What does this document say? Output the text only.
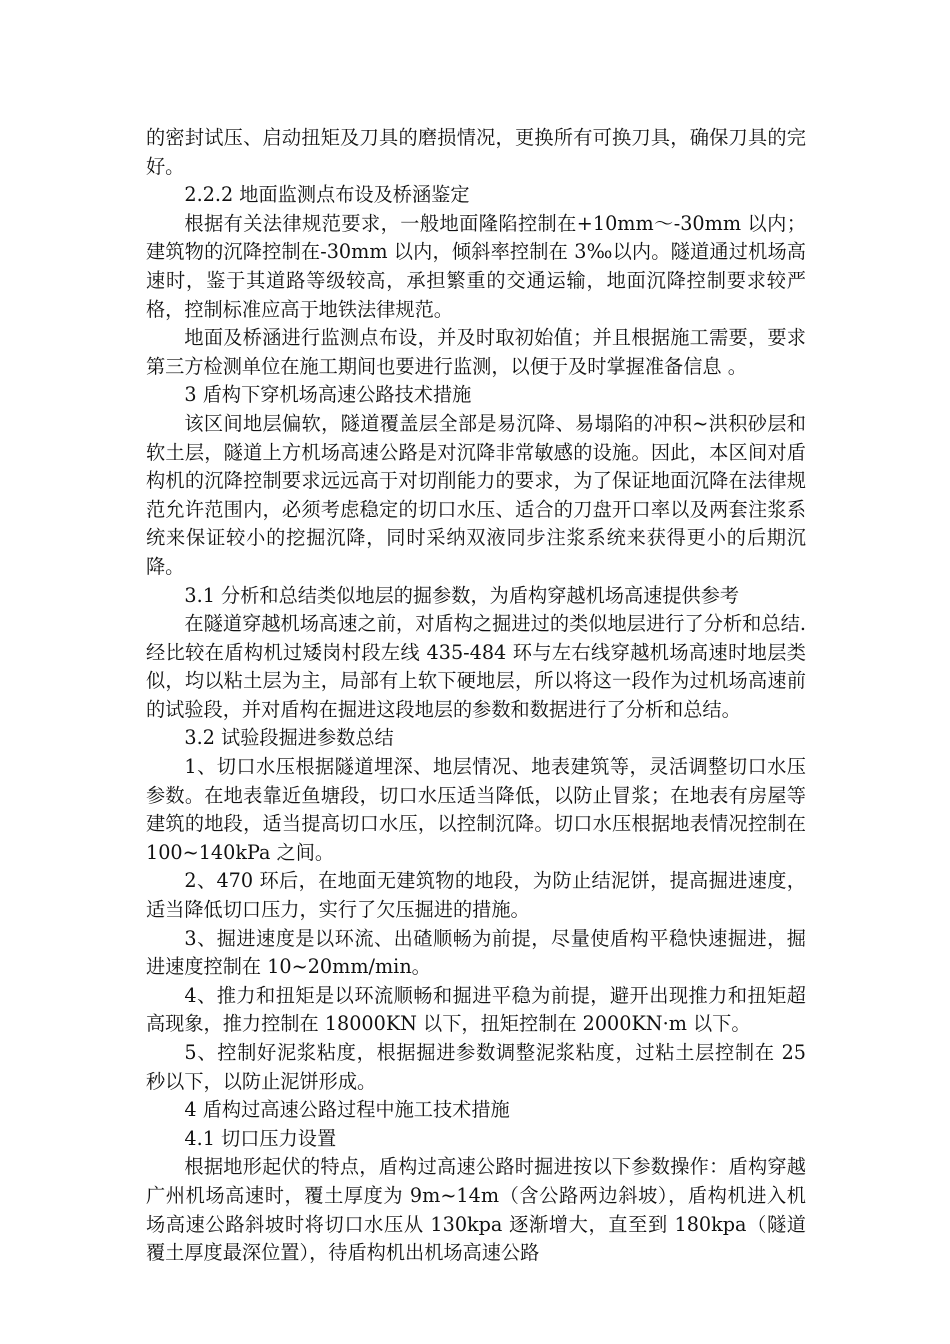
的密封试压、启动扭矩及刀具的磨损情况，更换所有可换刀具，确保刀具的完好。

2.2.2 地面监测点布设及桥涵鉴定

根据有关法律规范要求，一般地面隆陷控制在+10mm～-30mm 以内；建筑物的沉降控制在-30mm 以内，倾斜率控制在 3‰以内。隧道通过机场高速时，鉴于其道路等级较高，承担繁重的交通运输，地面沉降控制要求较严格，控制标准应高于地铁法律规范。

地面及桥涵进行监测点布设，并及时取初始值；并且根据施工需要，要求第三方检测单位在施工期间也要进行监测，以便于及时掌握准备信息 。

3 盾构下穿机场高速公路技术措施

该区间地层偏软，隧道覆盖层全部是易沉降、易塌陷的冲积~洪积砂层和软土层，隧道上方机场高速公路是对沉降非常敏感的设施。因此，本区间对盾构机的沉降控制要求远远高于对切削能力的要求，为了保证地面沉降在法律规范允许范围内，必须考虑稳定的切口水压、适合的刀盘开口率以及两套注浆系统来保证较小的挖掘沉降，同时采纳双液同步注浆系统来获得更小的后期沉降。

3.1 分析和总结类似地层的掘参数，为盾构穿越机场高速提供参考

在隧道穿越机场高速之前，对盾构之掘进过的类似地层进行了分析和总结.经比较在盾构机过矮岗村段左线 435-484 环与左右线穿越机场高速时地层类似，均以粘土层为主，局部有上软下硬地层，所以将这一段作为过机场高速前的试验段，并对盾构在掘进这段地层的参数和数据进行了分析和总结。

3.2 试验段掘进参数总结

1、切口水压根据隧道埋深、地层情况、地表建筑等，灵活调整切口水压参数。在地表靠近鱼塘段，切口水压适当降低，以防止冒浆；在地表有房屋等建筑的地段，适当提高切口水压，以控制沉降。切口水压根据地表情况控制在 100~140kPa 之间。

2、470 环后，在地面无建筑物的地段，为防止结泥饼，提高掘进速度，适当降低切口压力，实行了欠压掘进的措施。

3、掘进速度是以环流、出碴顺畅为前提，尽量使盾构平稳快速掘进，掘进速度控制在 10~20mm/min。

4、推力和扭矩是以环流顺畅和掘进平稳为前提，避开出现推力和扭矩超高现象，推力控制在 18000KN 以下，扭矩控制在 2000KN·m 以下。

5、控制好泥浆粘度，根据掘进参数调整泥浆粘度，过粘土层控制在 25 秒以下，以防止泥饼形成。

4 盾构过高速公路过程中施工技术措施

4.1 切口压力设置

根据地形起伏的特点，盾构过高速公路时掘进按以下参数操作：盾构穿越广州机场高速时，覆土厚度为 9m~14m（含公路两边斜坡），盾构机进入机场高速公路斜坡时将切口水压从 130kpa 逐渐增大，直至到 180kpa（隧道覆土厚度最深位置），待盾构机出机场高速公路
